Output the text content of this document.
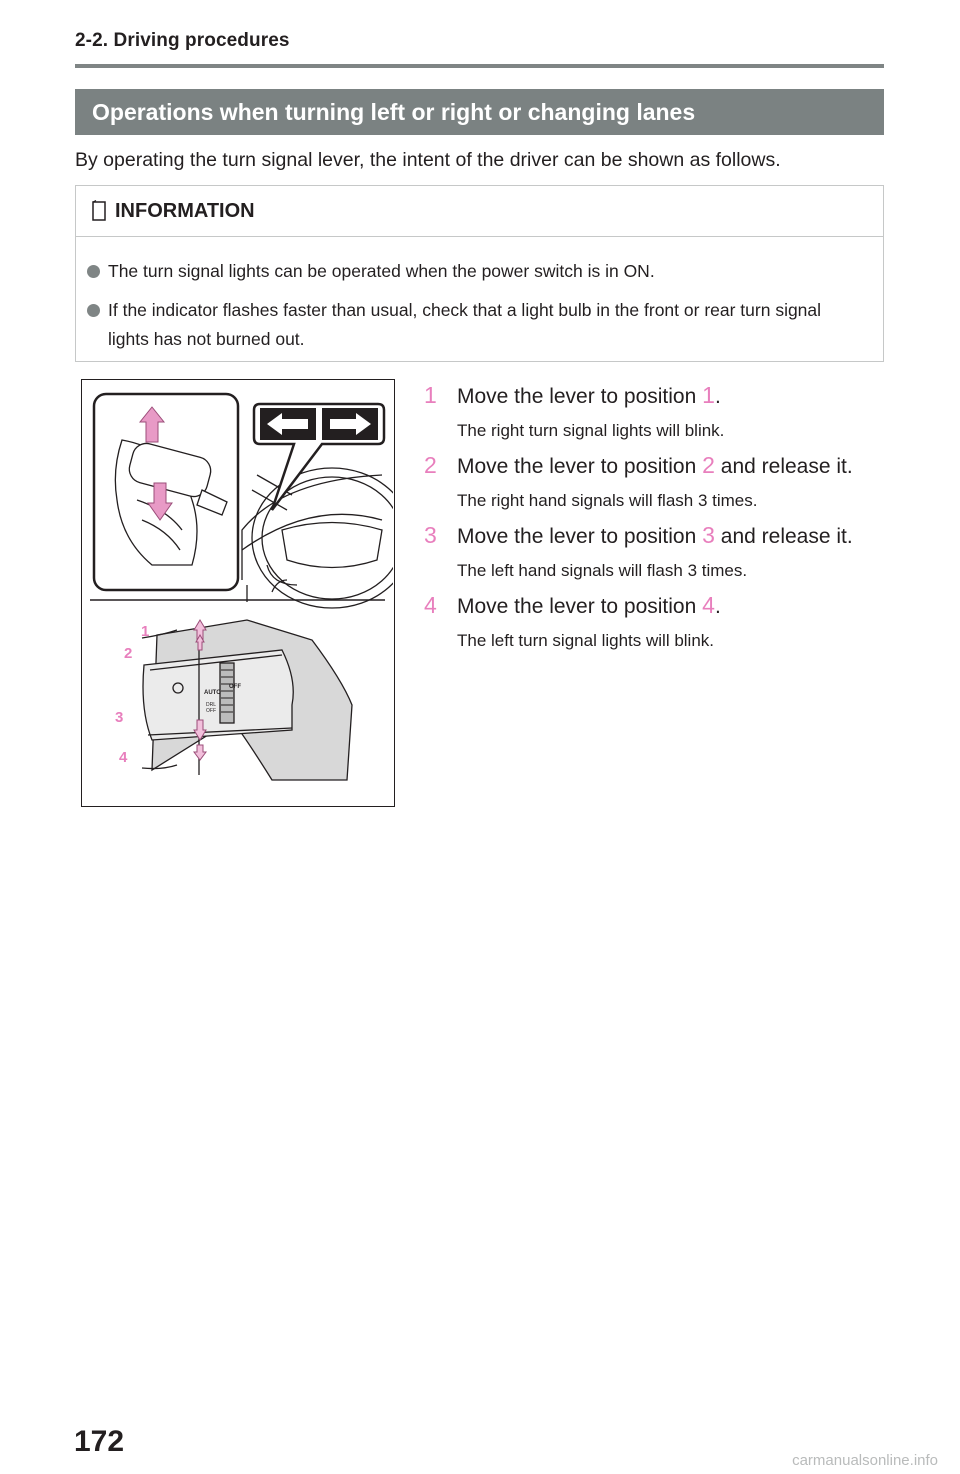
2-2. Driving procedures
Operations when turning left or right or changing lanes
By operating the turn signal lever, the intent of the driver can be shown as follows.
INFORMATION
The turn signal lights can be operated when the power switch is in ON.
If the indicator flashes faster than usual, check that a light bulb in the front or rear turn signal lights has not burned out.
AUTO
OFF
DRL
OFF
1
2
3
4
1 Move the lever to position 1.
The right turn signal lights will blink.
2 Move the lever to position 2 and release it.
The right hand signals will flash 3 times.
3 Move the lever to position 3 and release it.
The left hand signals will flash 3 times.
4 Move the lever to position 4.
The left turn signal lights will blink.
172
carmanualsonline.info
